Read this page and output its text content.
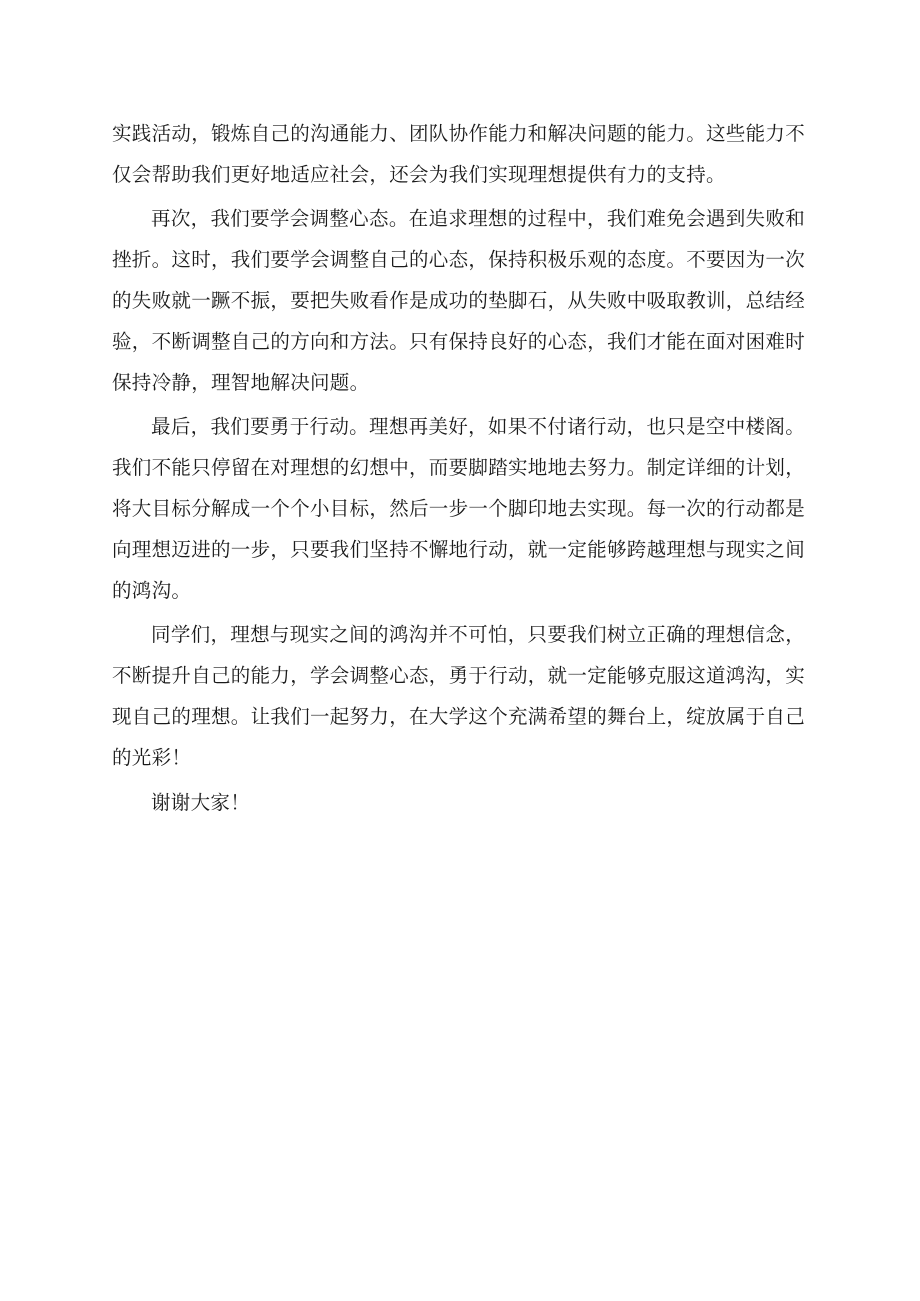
实践活动，锻炼自己的沟通能力、团队协作能力和解决问题的能力。这些能力不仅会帮助我们更好地适应社会，还会为我们实现理想提供有力的支持。

再次，我们要学会调整心态。在追求理想的过程中，我们难免会遇到失败和挫折。这时，我们要学会调整自己的心态，保持积极乐观的态度。不要因为一次的失败就一蹶不振，要把失败看作是成功的垫脚石，从失败中吸取教训，总结经验，不断调整自己的方向和方法。只有保持良好的心态，我们才能在面对困难时保持冷静，理智地解决问题。

最后，我们要勇于行动。理想再美好，如果不付诸行动，也只是空中楼阁。我们不能只停留在对理想的幻想中，而要脚踏实地地去努力。制定详细的计划，将大目标分解成一个个小目标，然后一步一个脚印地去实现。每一次的行动都是向理想迈进的一步，只要我们坚持不懈地行动，就一定能够跨越理想与现实之间的鸿沟。

同学们，理想与现实之间的鸿沟并不可怕，只要我们树立正确的理想信念，不断提升自己的能力，学会调整心态，勇于行动，就一定能够克服这道鸿沟，实现自己的理想。让我们一起努力，在大学这个充满希望的舞台上，绽放属于自己的光彩！

谢谢大家！
